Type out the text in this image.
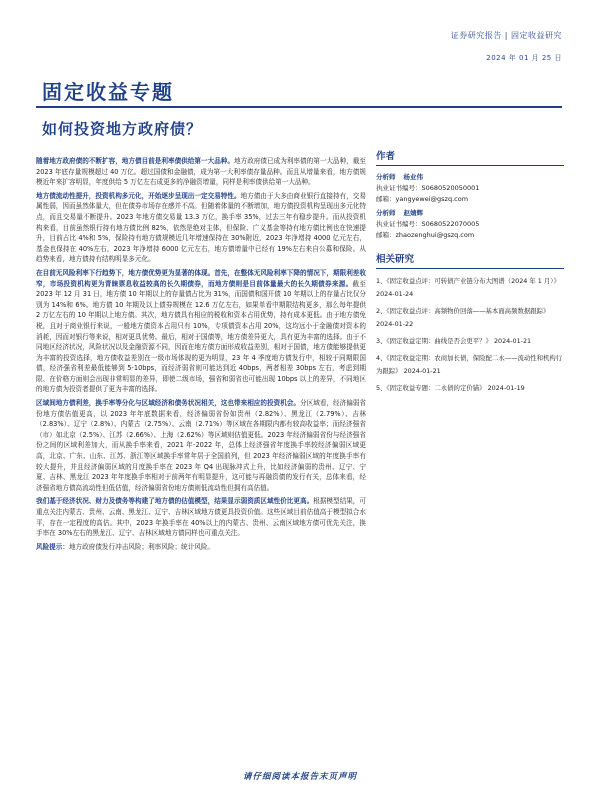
证券研究报告 | 固定收益研究
2024 年 01 月 25 日
固定收益专题
如何投资地方政府债？

随着地方政府债的不断扩容，地方债目前是利率债供给第一大品种。地方政府债已成为利率债的第一大品种，截至 2023 年底存量规模超过 40 万亿。超过国债和金融债，成为第一大利率债存量品种。而且从增量来看，地方债规模近年来扩容明显，年度供给 5 万亿左右成更多的净融资增量，同样是利率债供给第一大品种。

地方债流动性提升，投资机构多元化，开始逐步呈现出一定交易特性。地方债由于大多由商业银行直接持有，交易属性弱，因而虽然体量大，但在债券市场存在感并不高。但随着体量的不断增加，地方债投资机构呈现出多元化特点，而且交易量不断提升。2023 年地方债交易量 13.3 万亿，换手率 35%，过去三年有稳步提升。而从投资机构来看，目前虽然银行持有地方债比例 82%，依然是绝对主体，但保险、广义基金等持有地方债比例也在快速提升，目前占比 4%和 5%，保险持有地方债规模近几年增速保持在 30%附近，2023 年净增持 4000 亿元左右，基金也保持在 40%左右，2023 年净增持 6000 亿元左右，地方债增量中已经有 19%左右来自公募和保险。从趋势来看，地方债持有结构明显多元化。

在目前无风险利率下行趋势下，地方债优势更为显著的体现。首先，在整体无风险利率下降的情况下，期限利差收窄，市场投资机构更为青睐票息收益较高的长久期债券，而地方债则是目前体量最大的长久期债券来源。截至 2023 年 12 月 31 日，地方债 10 年期以上的存量债占比为 31%，而国债和国开债 10 年期以上的存量占比仅分别为 14%和 6%。地方债 10 年期及以上债券规模在 12.6 万亿左右，如果单看中期限结构更多，那么每年提供 2 万亿左右的 10 年期以上地方债。其次，地方债具有相应的税收和资本占用优势，持有成本更低。由于地方债免税，且对于商业银行来说，一般地方债资本占用只有 10%，专项债资本占用 20%，这均远小于金融债对资本的消耗，因而对银行等来说，相对更具优势。最后，相对于国债等，地方债差异更大，具有更为丰富的选择。由于不同地区经济状况，风险状况以及金融资源不同，因而在地方债方面形成收益差别，相对于国债，地方债能够提供更为丰富的投资选择，地方债收益差别在一级市场体现的更为明显，23 年 4 季度地方债发行中，相较于同期限国债，经济强省利差最低能够到 5-10bps，而经济弱省则可能达到近 40bps，两者相差 30bps 左右，考虑到期限、在价格方面则会出现非常明显的差异，即使二级市场，强省和弱省也可能出现 10bps 以上的差异，不同地区的地方债为投资者提供了更为丰富的选择。

区域间地方债利差，换手率等分化与区域经济和债务状况相关，这也带来相应的投资机会。分区域看，经济偏弱省份地方债估值更高，以 2023 年年底数据来看，经济偏弱省份如贵州（2.82%）、黑龙江（2.79%）、吉林（2.83%）、辽宁（2.8%）、内蒙古（2.75%）、云南（2.71%）等区域在各期限内都有较高收益率；而经济强省（市）如北京（2.5%）、江苏（2.66%）、上海（2.62%）等区域则估值更低。2023 年经济偏弱省份与经济强省份之间的区域利差加大，而从换手率来看，2021 年-2022 年，总体上经济强省年度换手率较经济偏弱区域更高，北京、广东、山东、江苏、浙江等区域换手率常年居于全国前列，但 2023 年经济偏弱区域的年度换手率有较大提升，并且经济偏弱区域的月度换手率在 2023 年 Q4 出现脉冲式上升，比如经济偏弱的贵州、辽宁、宁夏、吉林、黑龙江 2023 年年度换手率相对于前两年有明显提升，这可能与再融资债的发行有关，总体来看，经济强省地方债高流动性但低估值，经济偏弱省份地方债则低流动性但拥有高估值。

我们基于经济状况、财力及债务等构建了地方债的估值模型，结果显示弱资质区域性价比更高。根据模型结果，可重点关注内蒙古、贵州、云南、黑龙江、辽宁、吉林区域地方债更具投资价值。这些区域目前估值高于模型拟合水平，存在一定程度的高估。其中，2023 年换手率在 40%以上的内蒙古、贵州、云南区域地方债可优先关注，换手率在 30%左右的黑龙江、辽宁、吉林区域地方债同样也可重点关注。

风险提示：地方政府债发行冲击风险；利率风险；统计风险。

作者
分析师 杨业伟
执业证书编号：S0680520050001
邮箱：yangyewei@gszq.com
分析师 赵婧辉
执业证书编号：S0680522070005
邮箱：zhaozenghui@gszq.com
相关研究
1、《固定收益点评：可转债产业链分布大图谱（2024 年 1 月）》 2024-01-24
2、《固定收益点评：高频物价回落——基本面高频数据跟踪》 2024-01-22
3、《固定收益定期：曲线是否会更平？》 2024-01-21
4、《固定收益定期：农商加长债，保险配二永——流动性和机构行为跟踪》 2024-01-21
5、《固定收益专题：二永债的定价锚》 2024-01-19
请仔细阅读本报告末页声明
